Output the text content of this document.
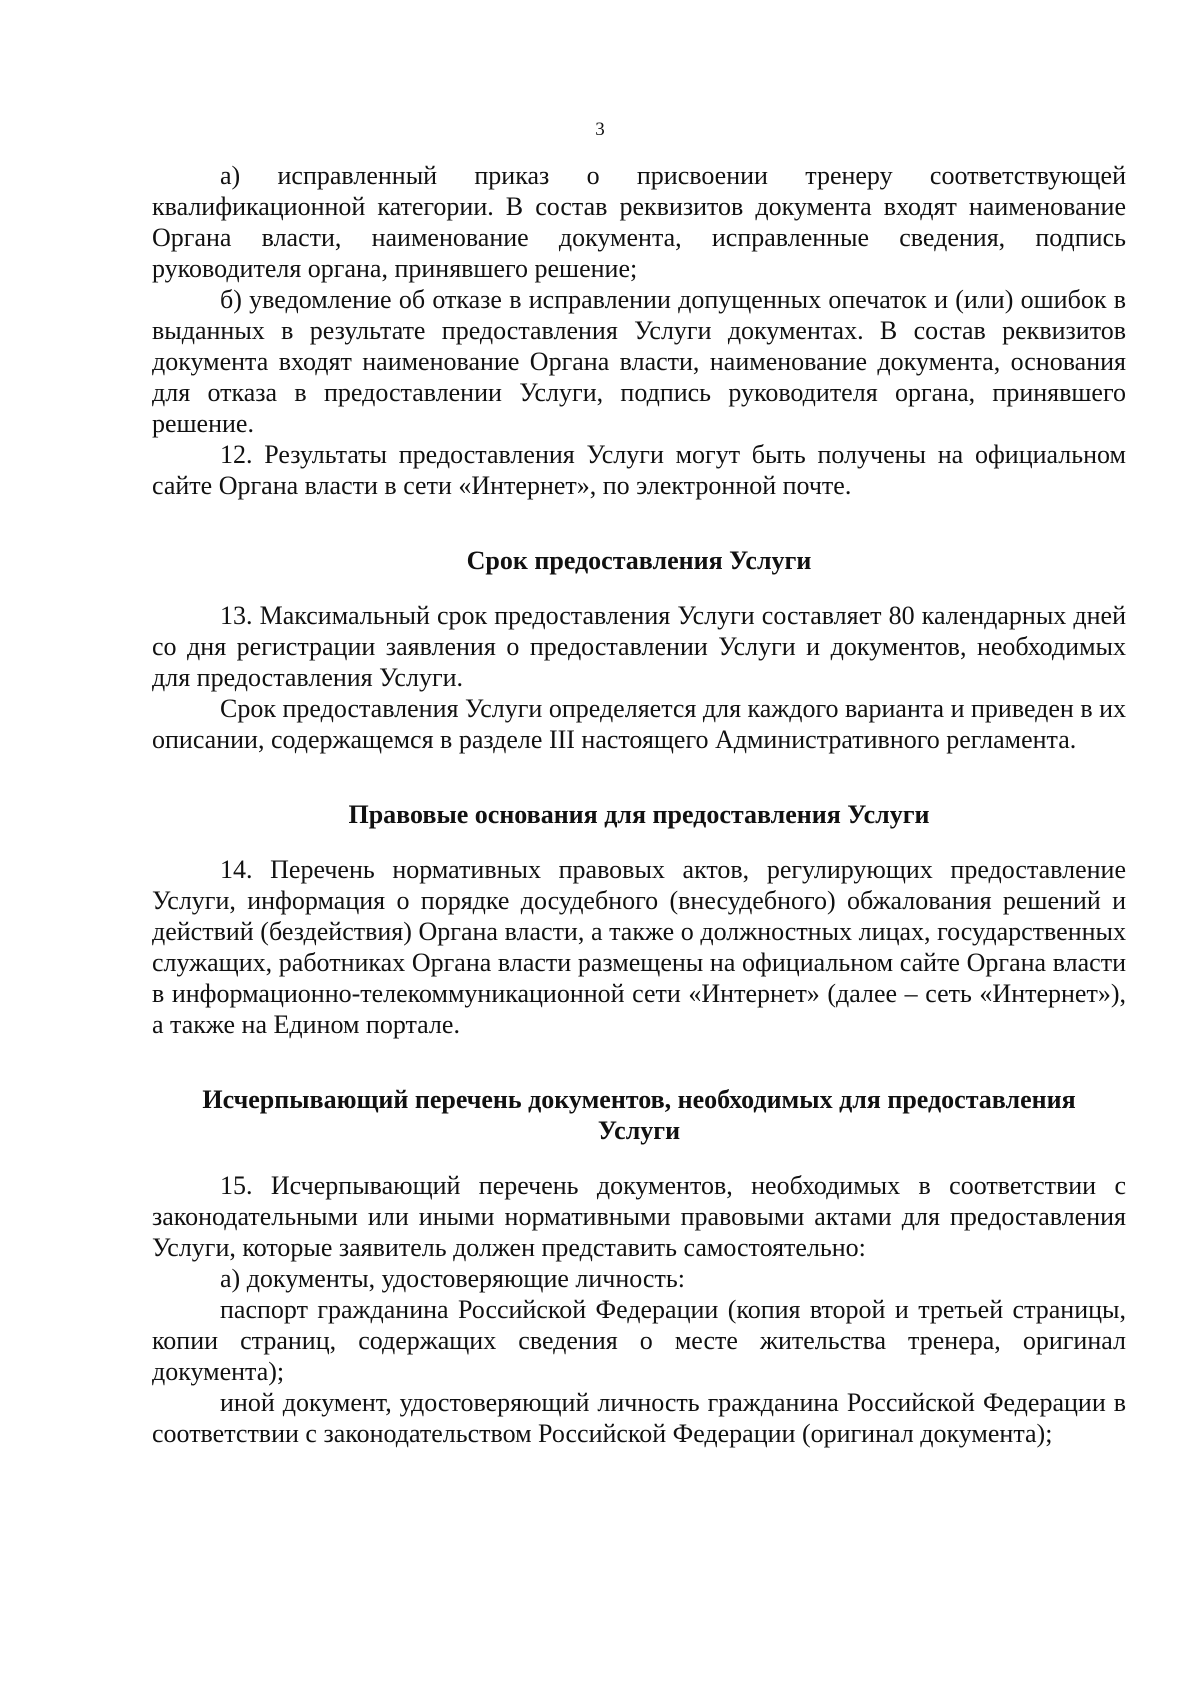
3

а) исправленный приказ о присвоении тренеру соответствующей квалификационной категории. В состав реквизитов документа входят наименование Органа власти, наименование документа, исправленные сведения, подпись руководителя органа, принявшего решение;

б) уведомление об отказе в исправлении допущенных опечаток и (или) ошибок в выданных в результате предоставления Услуги документах. В состав реквизитов документа входят наименование Органа власти, наименование документа, основания для отказа в предоставлении Услуги, подпись руководителя органа, принявшего решение.

12. Результаты предоставления Услуги могут быть получены на официальном сайте Органа власти в сети «Интернет», по электронной почте.

Срок предоставления Услуги

13. Максимальный срок предоставления Услуги составляет 80 календарных дней со дня регистрации заявления о предоставлении Услуги и документов, необходимых для предоставления Услуги.

Срок предоставления Услуги определяется для каждого варианта и приведен в их описании, содержащемся в разделе III настоящего Административного регламента.

Правовые основания для предоставления Услуги

14. Перечень нормативных правовых актов, регулирующих предоставление Услуги, информация о порядке досудебного (внесудебного) обжалования решений и действий (бездействия) Органа власти, а также о должностных лицах, государственных служащих, работниках Органа власти размещены на официальном сайте Органа власти в информационно-телекоммуникационной сети «Интернет» (далее – сеть «Интернет»), а также на Едином портале.

Исчерпывающий перечень документов, необходимых для предоставления
Услуги

15. Исчерпывающий перечень документов, необходимых в соответствии с законодательными или иными нормативными правовыми актами для предоставления Услуги, которые заявитель должен представить самостоятельно:

а) документы, удостоверяющие личность:

паспорт гражданина Российской Федерации (копия второй и третьей страницы, копии страниц, содержащих сведения о месте жительства тренера, оригинал документа);

иной документ, удостоверяющий личность гражданина Российской Федерации в соответствии с законодательством Российской Федерации (оригинал документа);
